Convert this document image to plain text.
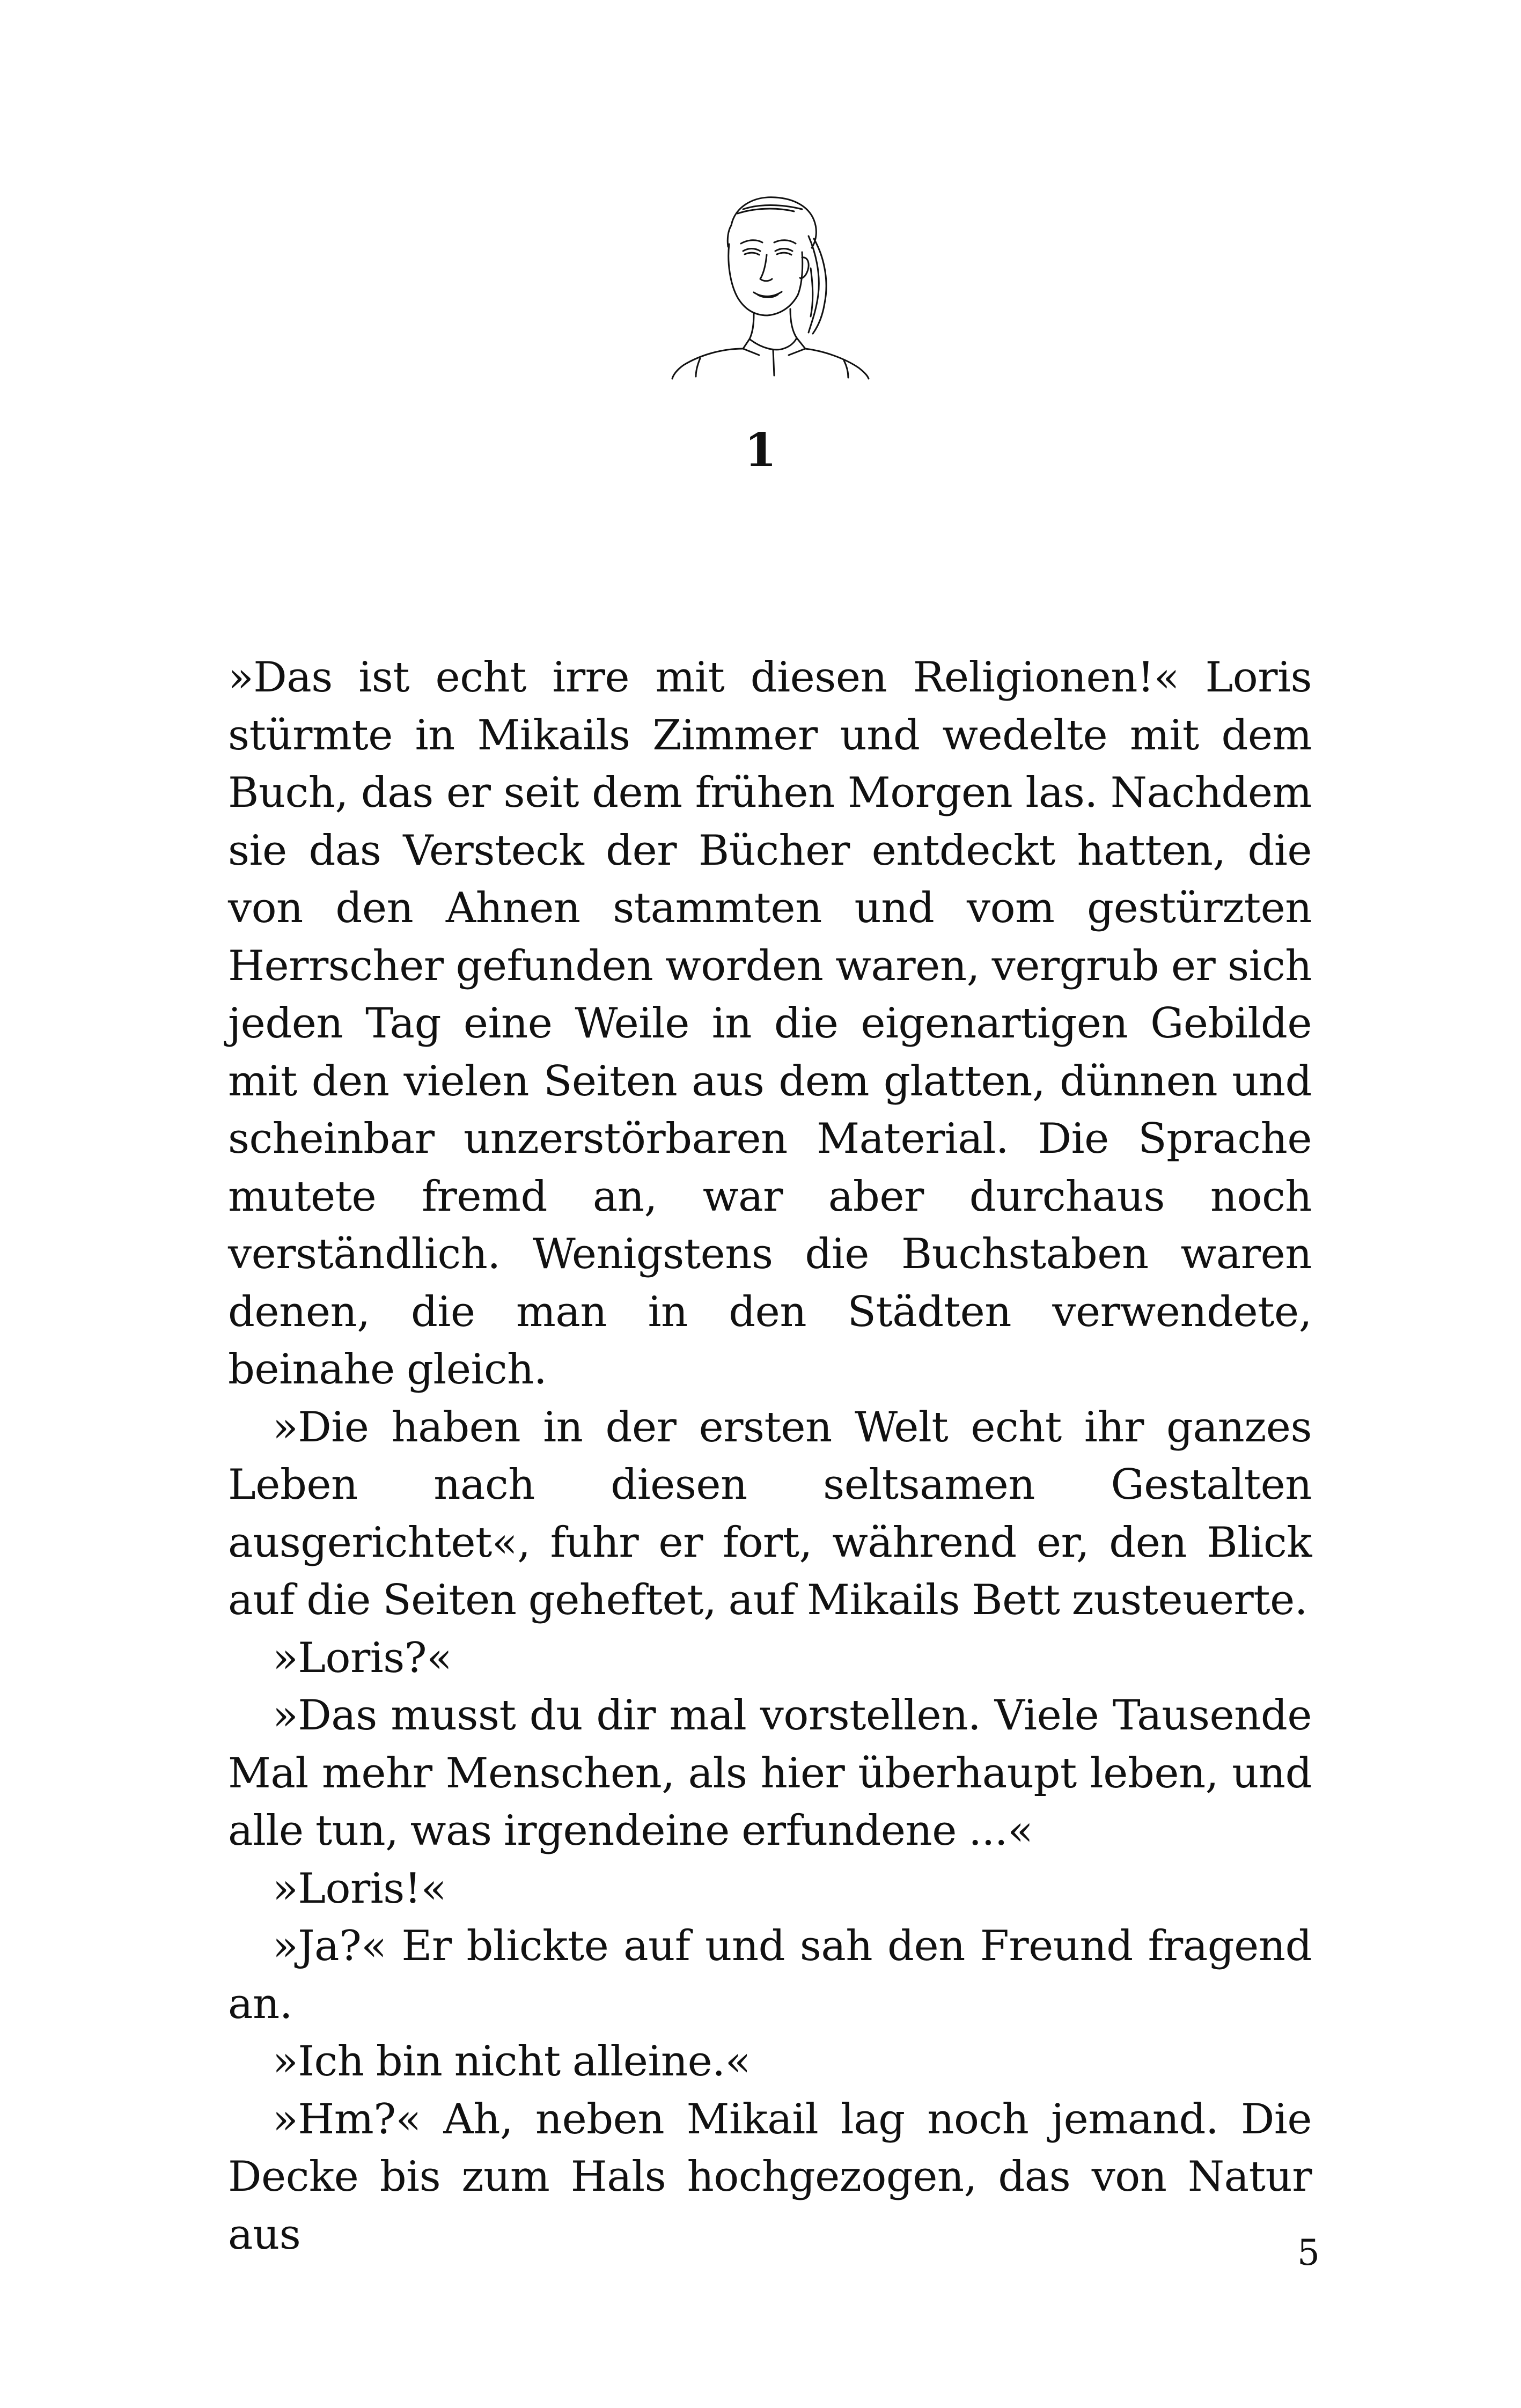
1

»Das ist echt irre mit diesen Religionen!« Loris stürmte in Mikails Zimmer und wedelte mit dem Buch, das er seit dem frühen Morgen las. Nachdem sie das Versteck der Bücher entdeckt hatten, die von den Ahnen stammten und vom gestürzten Herrscher gefunden worden waren, vergrub er sich jeden Tag eine Weile in die eigenartigen Gebilde mit den vielen Seiten aus dem glatten, dünnen und scheinbar unzerstörbaren Material. Die Sprache mutete fremd an, war aber durchaus noch verständlich. Wenigstens die Buchstaben waren denen, die man in den Städten verwendete, beinahe gleich.

»Die haben in der ersten Welt echt ihr ganzes Leben nach diesen seltsamen Gestalten ausgerichtet«, fuhr er fort, während er, den Blick auf die Seiten geheftet, auf Mikails Bett zusteuerte.

»Loris?«

»Das musst du dir mal vorstellen. Viele Tausende Mal mehr Menschen, als hier überhaupt leben, und alle tun, was irgendeine erfundene ...«

»Loris!«

»Ja?« Er blickte auf und sah den Freund fragend an.

»Ich bin nicht alleine.«

»Hm?« Ah, neben Mikail lag noch jemand. Die Decke bis zum Hals hochgezogen, das von Natur aus	5
